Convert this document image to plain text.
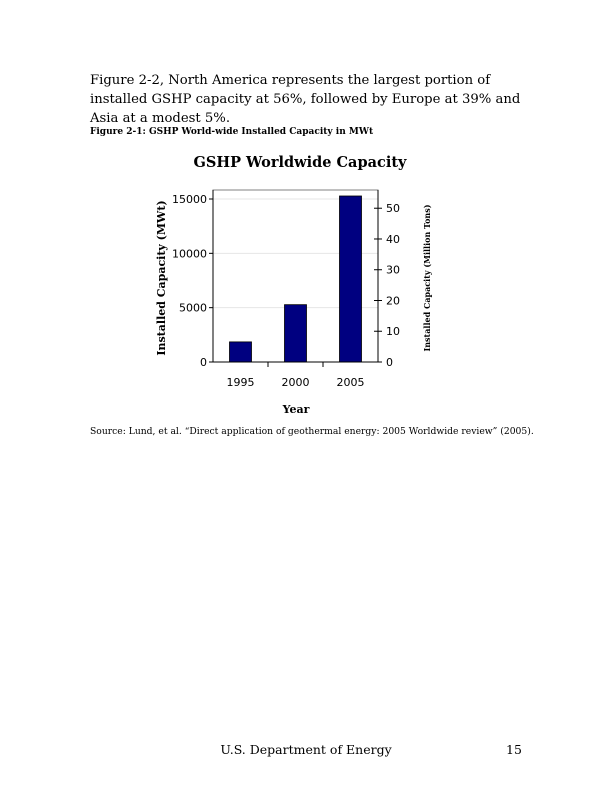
Figure 2-2, North America represents the largest portion of installed GSHP capacity at 56%, followed by Europe at 39% and Asia at a modest 5%.

Figure 2-1: GSHP World-wide Installed Capacity in MWt

GSHP Worldwide Capacity
0
5000
10000
15000
1995 2000 2005
0
10
20
30
40
50
Installed Capacity (MWt)	Installed Capacity (Million Tons)
Year

Source: Lund, et al. “Direct application of geothermal energy: 2005 Worldwide review” (2005).

U.S. Department of Energy	15
